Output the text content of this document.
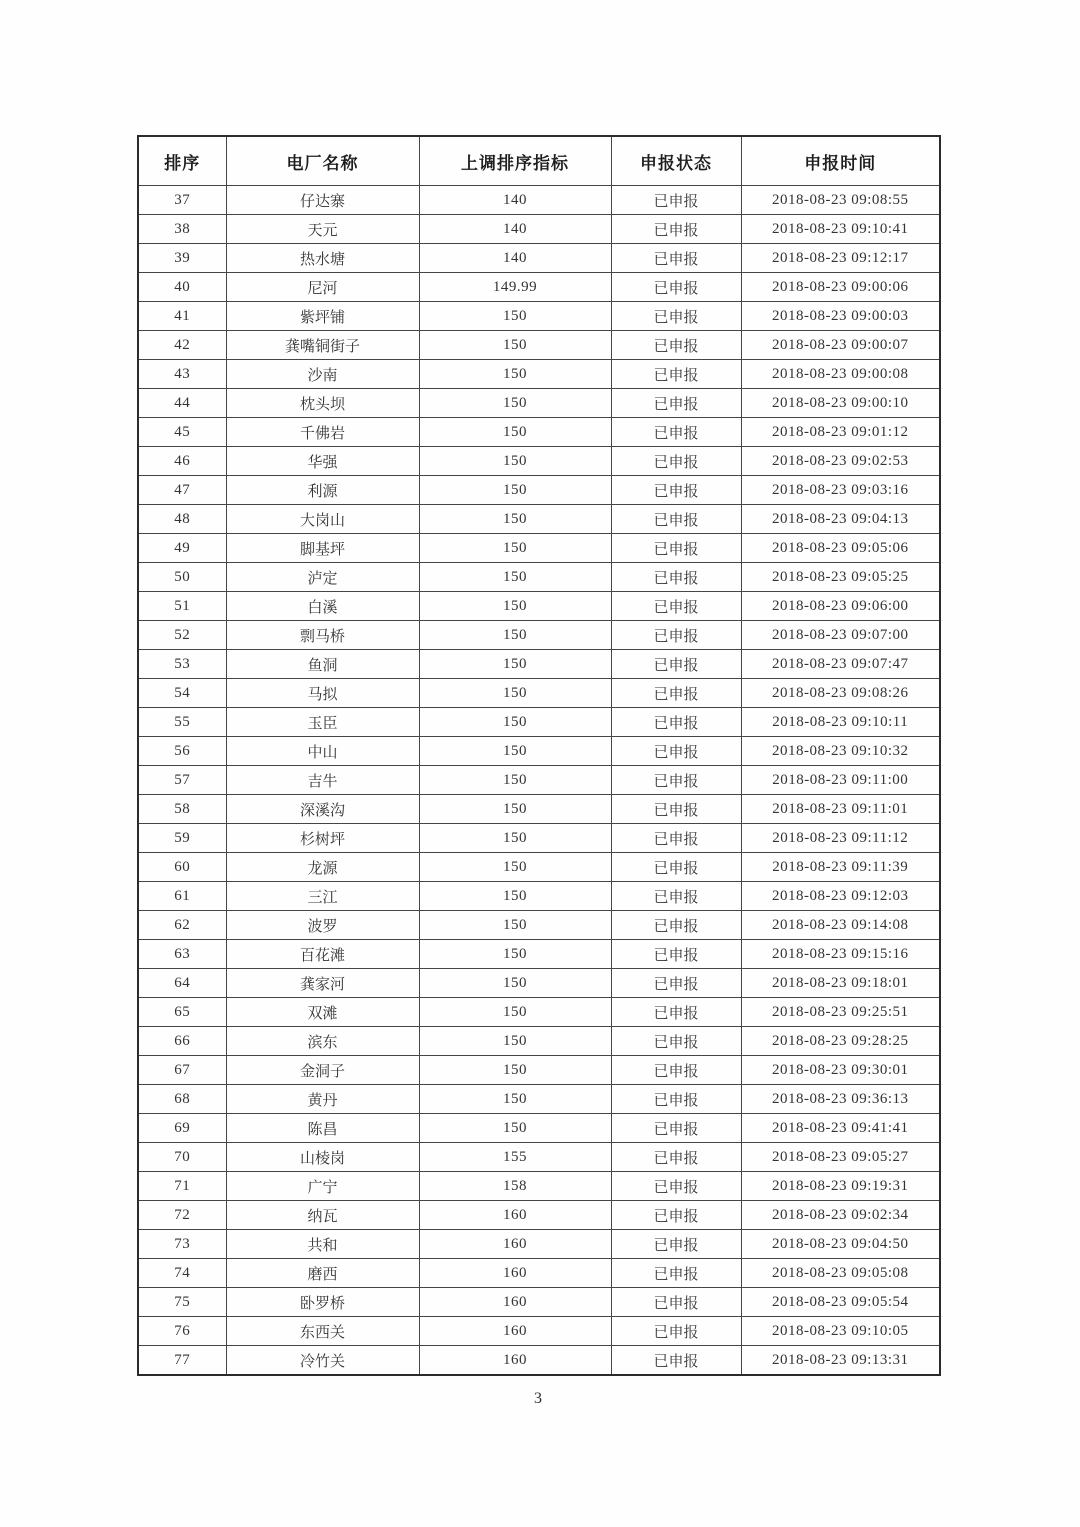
排序	电厂名称	上调排序指标	申报状态	申报时间
37	仔达寨	140	已申报	2018-08-23 09:08:55
38	天元	140	已申报	2018-08-23 09:10:41
39	热水塘	140	已申报	2018-08-23 09:12:17
40	尼河	149.99	已申报	2018-08-23 09:00:06
41	紫坪铺	150	已申报	2018-08-23 09:00:03
42	龚嘴铜街子	150	已申报	2018-08-23 09:00:07
43	沙南	150	已申报	2018-08-23 09:00:08
44	枕头坝	150	已申报	2018-08-23 09:00:10
45	千佛岩	150	已申报	2018-08-23 09:01:12
46	华强	150	已申报	2018-08-23 09:02:53
47	利源	150	已申报	2018-08-23 09:03:16
48	大岗山	150	已申报	2018-08-23 09:04:13
49	脚基坪	150	已申报	2018-08-23 09:05:06
50	泸定	150	已申报	2018-08-23 09:05:25
51	白溪	150	已申报	2018-08-23 09:06:00
52	剽马桥	150	已申报	2018-08-23 09:07:00
53	鱼洞	150	已申报	2018-08-23 09:07:47
54	马拟	150	已申报	2018-08-23 09:08:26
55	玉臣	150	已申报	2018-08-23 09:10:11
56	中山	150	已申报	2018-08-23 09:10:32
57	吉牛	150	已申报	2018-08-23 09:11:00
58	深溪沟	150	已申报	2018-08-23 09:11:01
59	杉树坪	150	已申报	2018-08-23 09:11:12
60	龙源	150	已申报	2018-08-23 09:11:39
61	三江	150	已申报	2018-08-23 09:12:03
62	波罗	150	已申报	2018-08-23 09:14:08
63	百花滩	150	已申报	2018-08-23 09:15:16
64	龚家河	150	已申报	2018-08-23 09:18:01
65	双滩	150	已申报	2018-08-23 09:25:51
66	滨东	150	已申报	2018-08-23 09:28:25
67	金洞子	150	已申报	2018-08-23 09:30:01
68	黄丹	150	已申报	2018-08-23 09:36:13
69	陈昌	150	已申报	2018-08-23 09:41:41
70	山棱岗	155	已申报	2018-08-23 09:05:27
71	广宁	158	已申报	2018-08-23 09:19:31
72	纳瓦	160	已申报	2018-08-23 09:02:34
73	共和	160	已申报	2018-08-23 09:04:50
74	磨西	160	已申报	2018-08-23 09:05:08
75	卧罗桥	160	已申报	2018-08-23 09:05:54
76	东西关	160	已申报	2018-08-23 09:10:05
77	冷竹关	160	已申报	2018-08-23 09:13:31
3
